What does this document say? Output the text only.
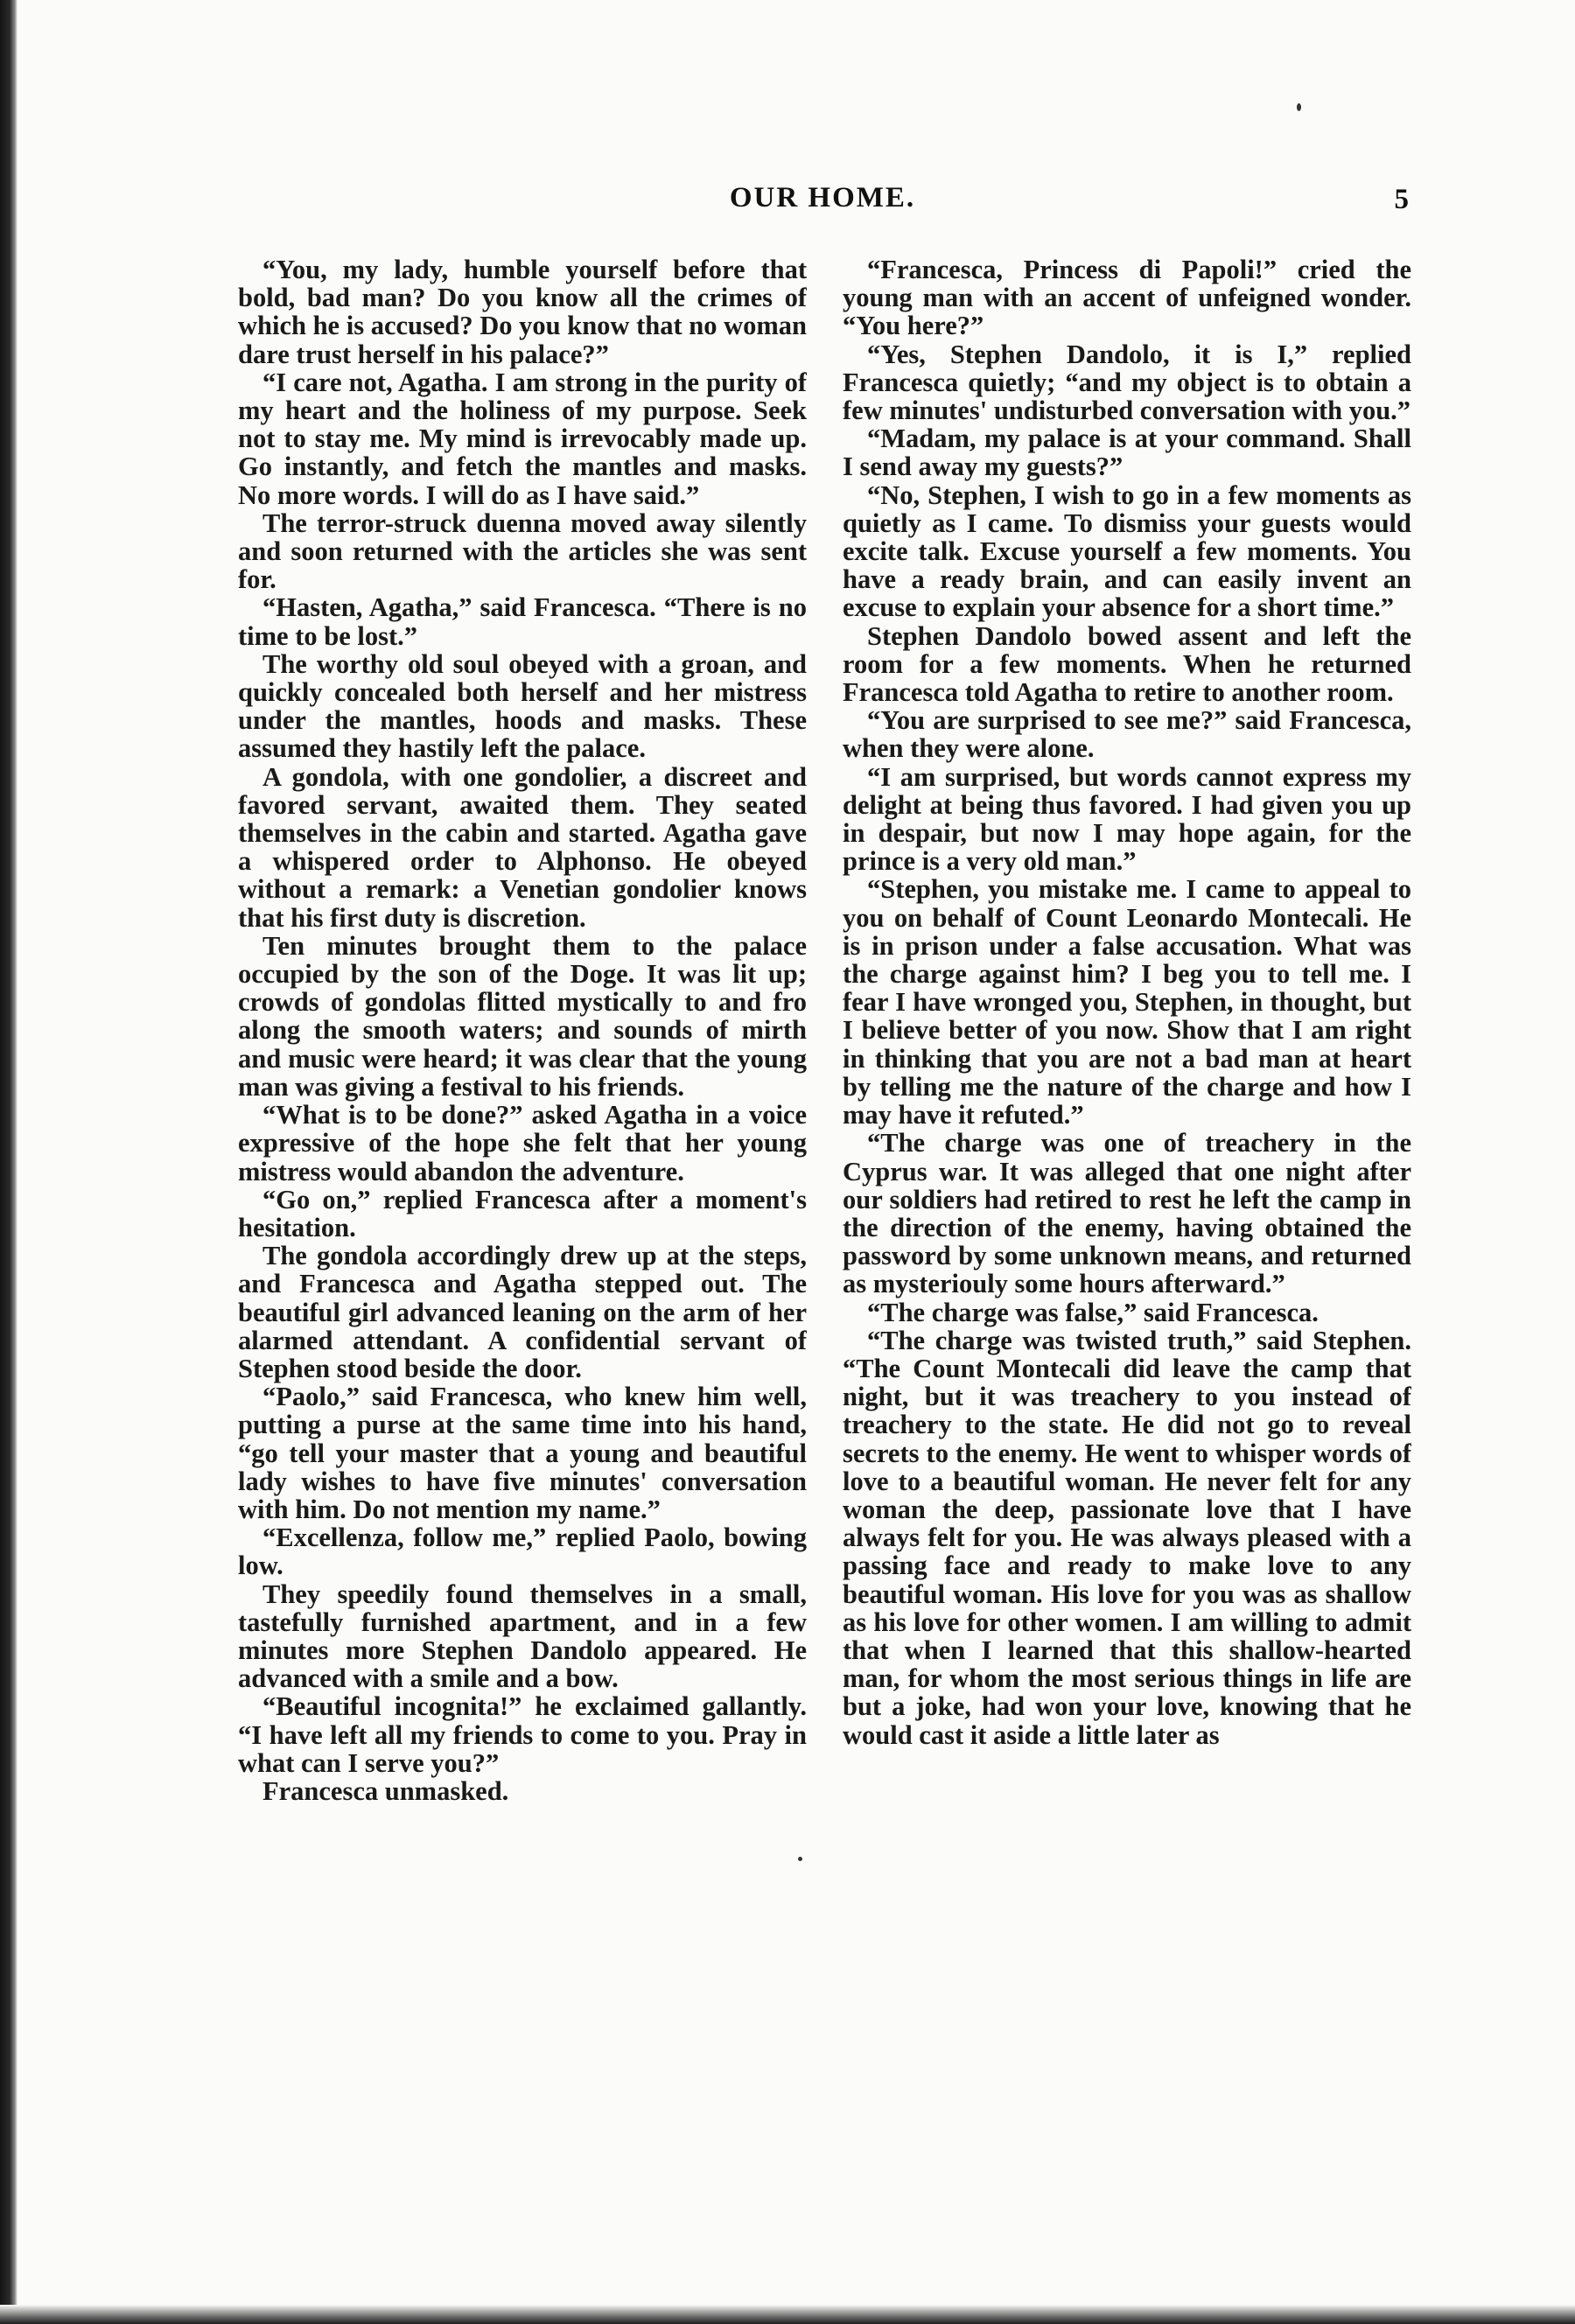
OUR HOME.	5

“You, my lady, humble yourself before that bold, bad man? Do you know all the crimes of which he is accused? Do you know that no woman dare trust herself in his palace?”

“I care not, Agatha. I am strong in the purity of my heart and the holiness of my purpose. Seek not to stay me. My mind is irrevocably made up. Go instantly, and fetch the mantles and masks. No more words. I will do as I have said.”

The terror-struck duenna moved away silently and soon returned with the articles she was sent for.

“Hasten, Agatha,” said Francesca. “There is no time to be lost.”

The worthy old soul obeyed with a groan, and quickly concealed both herself and her mistress under the mantles, hoods and masks. These assumed they hastily left the palace.

A gondola, with one gondolier, a discreet and favored servant, awaited them. They seated themselves in the cabin and started. Agatha gave a whispered order to Alphonso. He obeyed without a remark: a Venetian gondolier knows that his first duty is discretion.

Ten minutes brought them to the palace occupied by the son of the Doge. It was lit up; crowds of gondolas flitted mystically to and fro along the smooth waters; and sounds of mirth and music were heard; it was clear that the young man was giving a festival to his friends.

“What is to be done?” asked Agatha in a voice expressive of the hope she felt that her young mistress would abandon the adventure.

“Go on,” replied Francesca after a moment's hesitation.

The gondola accordingly drew up at the steps, and Francesca and Agatha stepped out. The beautiful girl advanced leaning on the arm of her alarmed attendant. A confidential servant of Stephen stood beside the door.

“Paolo,” said Francesca, who knew him well, putting a purse at the same time into his hand, “go tell your master that a young and beautiful lady wishes to have five minutes' conversation with him. Do not mention my name.”

“Excellenza, follow me,” replied Paolo, bowing low.

They speedily found themselves in a small, tastefully furnished apartment, and in a few minutes more Stephen Dandolo appeared. He advanced with a smile and a bow.

“Beautiful incognita!” he exclaimed gallantly. “I have left all my friends to come to you. Pray in what can I serve you?”

Francesca unmasked.

“Francesca, Princess di Papoli!” cried the young man with an accent of unfeigned wonder. “You here?”

“Yes, Stephen Dandolo, it is I,” replied Francesca quietly; “and my object is to obtain a few minutes' undisturbed conversation with you.”

“Madam, my palace is at your command. Shall I send away my guests?”

“No, Stephen, I wish to go in a few moments as quietly as I came. To dismiss your guests would excite talk. Excuse yourself a few moments. You have a ready brain, and can easily invent an excuse to explain your absence for a short time.”

Stephen Dandolo bowed assent and left the room for a few moments. When he returned Francesca told Agatha to retire to another room.

“You are surprised to see me?” said Francesca, when they were alone.

“I am surprised, but words cannot express my delight at being thus favored. I had given you up in despair, but now I may hope again, for the prince is a very old man.”

“Stephen, you mistake me. I came to appeal to you on behalf of Count Leonardo Montecali. He is in prison under a false accusation. What was the charge against him? I beg you to tell me. I fear I have wronged you, Stephen, in thought, but I believe better of you now. Show that I am right in thinking that you are not a bad man at heart by telling me the nature of the charge and how I may have it refuted.”

“The charge was one of treachery in the Cyprus war. It was alleged that one night after our soldiers had retired to rest he left the camp in the direction of the enemy, having obtained the password by some unknown means, and returned as mysteriouly some hours afterward.”

“The charge was false,” said Francesca.

“The charge was twisted truth,” said Stephen. “The Count Montecali did leave the camp that night, but it was treachery to you instead of treachery to the state. He did not go to reveal secrets to the enemy. He went to whisper words of love to a beautiful woman. He never felt for any woman the deep, passionate love that I have always felt for you. He was always pleased with a passing face and ready to make love to any beautiful woman. His love for you was as shallow as his love for other women. I am willing to admit that when I learned that this shallow-hearted man, for whom the most serious things in life are but a joke, had won your love, knowing that he would cast it aside a little later as
